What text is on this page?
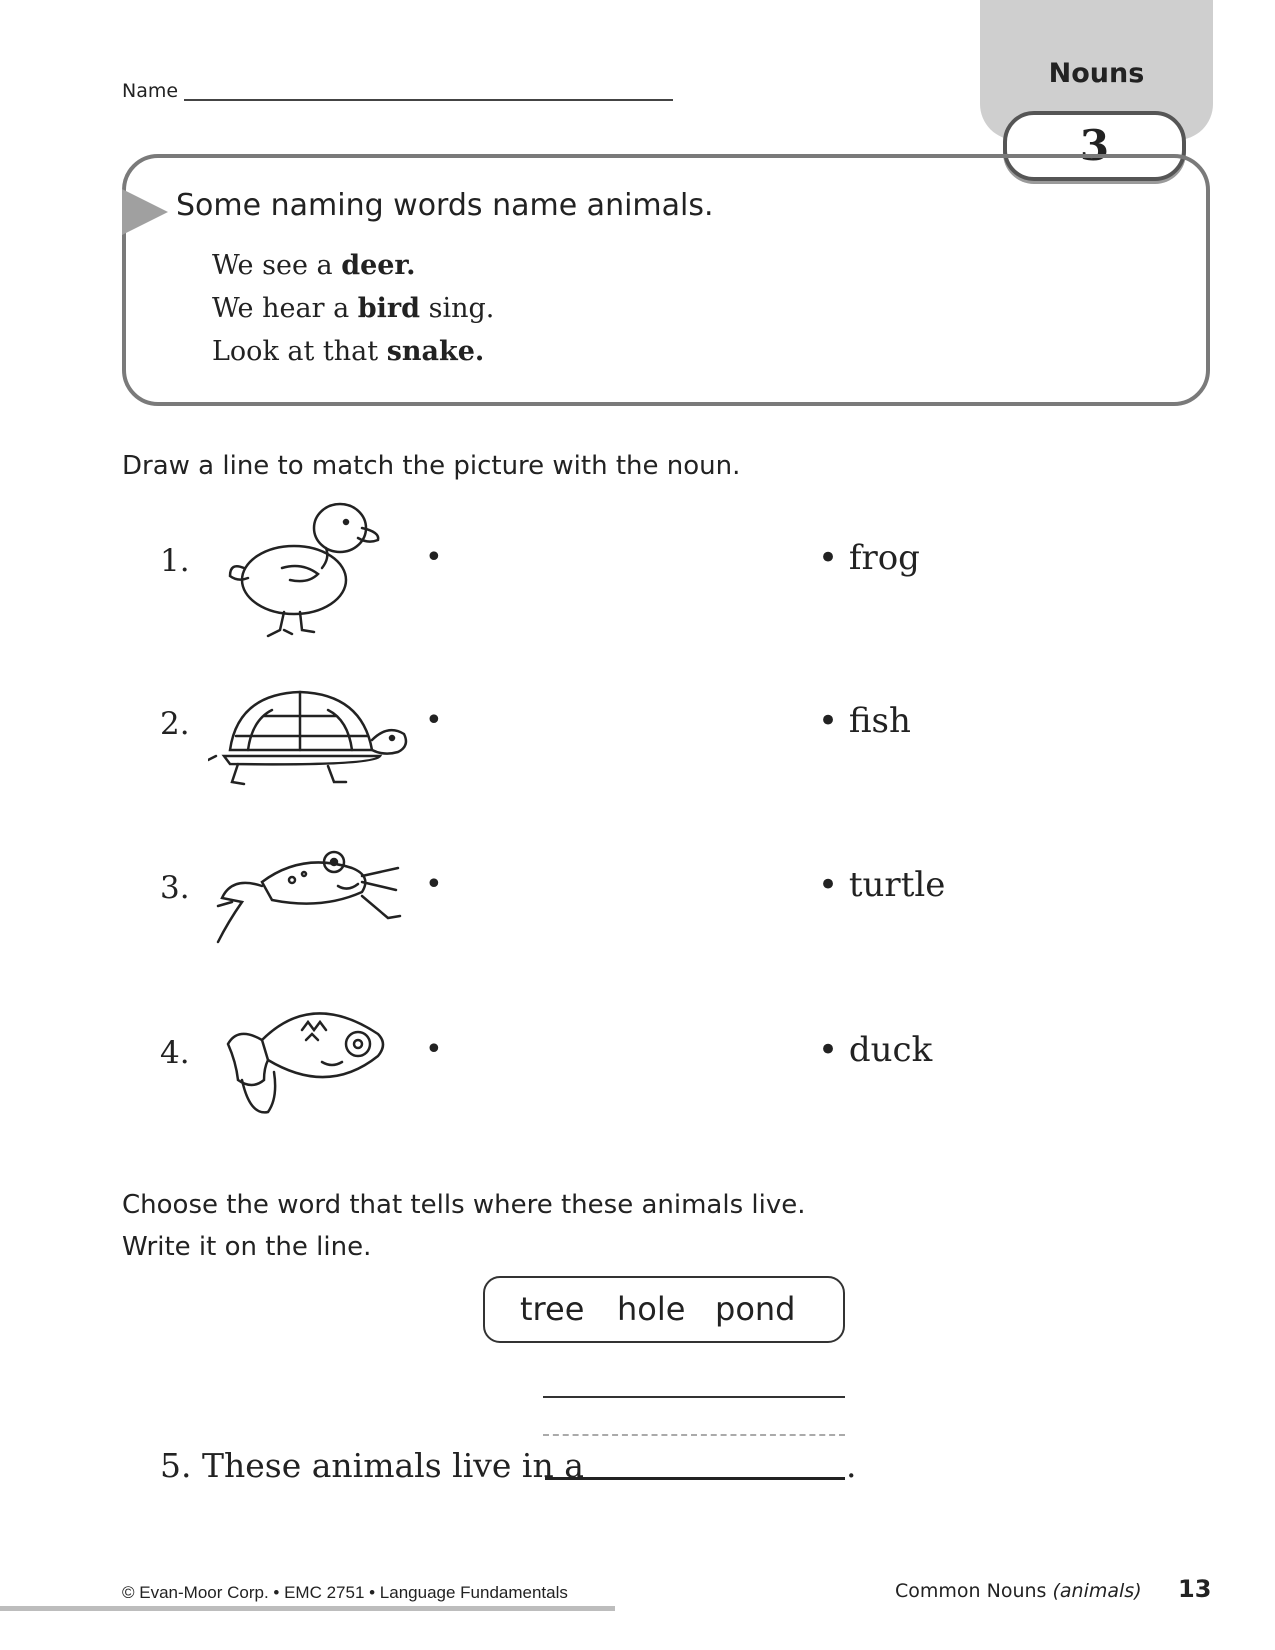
Name
Nouns
3
Some naming words name animals.
We see a deer.
We hear a bird sing.
Look at that snake.
Draw a line to match the picture with the noun.
1.	•	• frog
2.	•	• fish
3.	•	• turtle
4.	•	• duck
Choose the word that tells where these animals live.
Write it on the line.
tree hole pond
5. These animals live in a	.
© Evan-Moor Corp. • EMC 2751 • Language Fundamentals	Common Nouns (animals) 13
